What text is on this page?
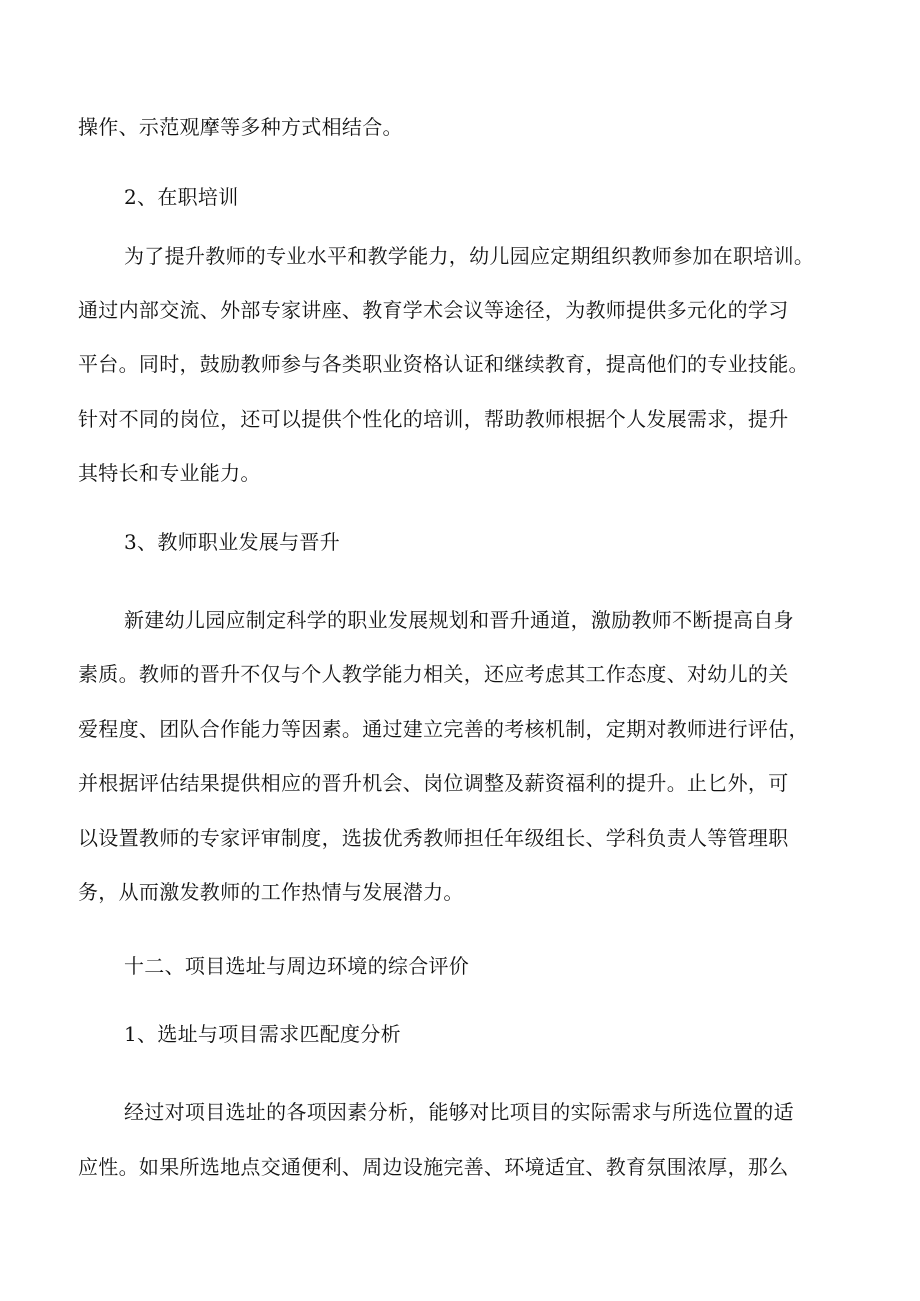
操作、示范观摩等多种方式相结合。
2、在职培训
为了提升教师的专业水平和教学能力，幼儿园应定期组织教师参加在职培训。
通过内部交流、外部专家讲座、教育学术会议等途径，为教师提供多元化的学习
平台。同时，鼓励教师参与各类职业资格认证和继续教育，提高他们的专业技能。
针对不同的岗位，还可以提供个性化的培训，帮助教师根据个人发展需求，提升
其特长和专业能力。
3、教师职业发展与晋升
新建幼儿园应制定科学的职业发展规划和晋升通道，激励教师不断提高自身
素质。教师的晋升不仅与个人教学能力相关，还应考虑其工作态度、对幼儿的关
爱程度、团队合作能力等因素。通过建立完善的考核机制，定期对教师进行评估，
并根据评估结果提供相应的晋升机会、岗位调整及薪资福利的提升。止匕外，可
以设置教师的专家评审制度，选拔优秀教师担任年级组长、学科负责人等管理职
务，从而激发教师的工作热情与发展潜力。
十二、项目选址与周边环境的综合评价
1、选址与项目需求匹配度分析
经过对项目选址的各项因素分析，能够对比项目的实际需求与所选位置的适
应性。如果所选地点交通便利、周边设施完善、环境适宜、教育氛围浓厚，那么
